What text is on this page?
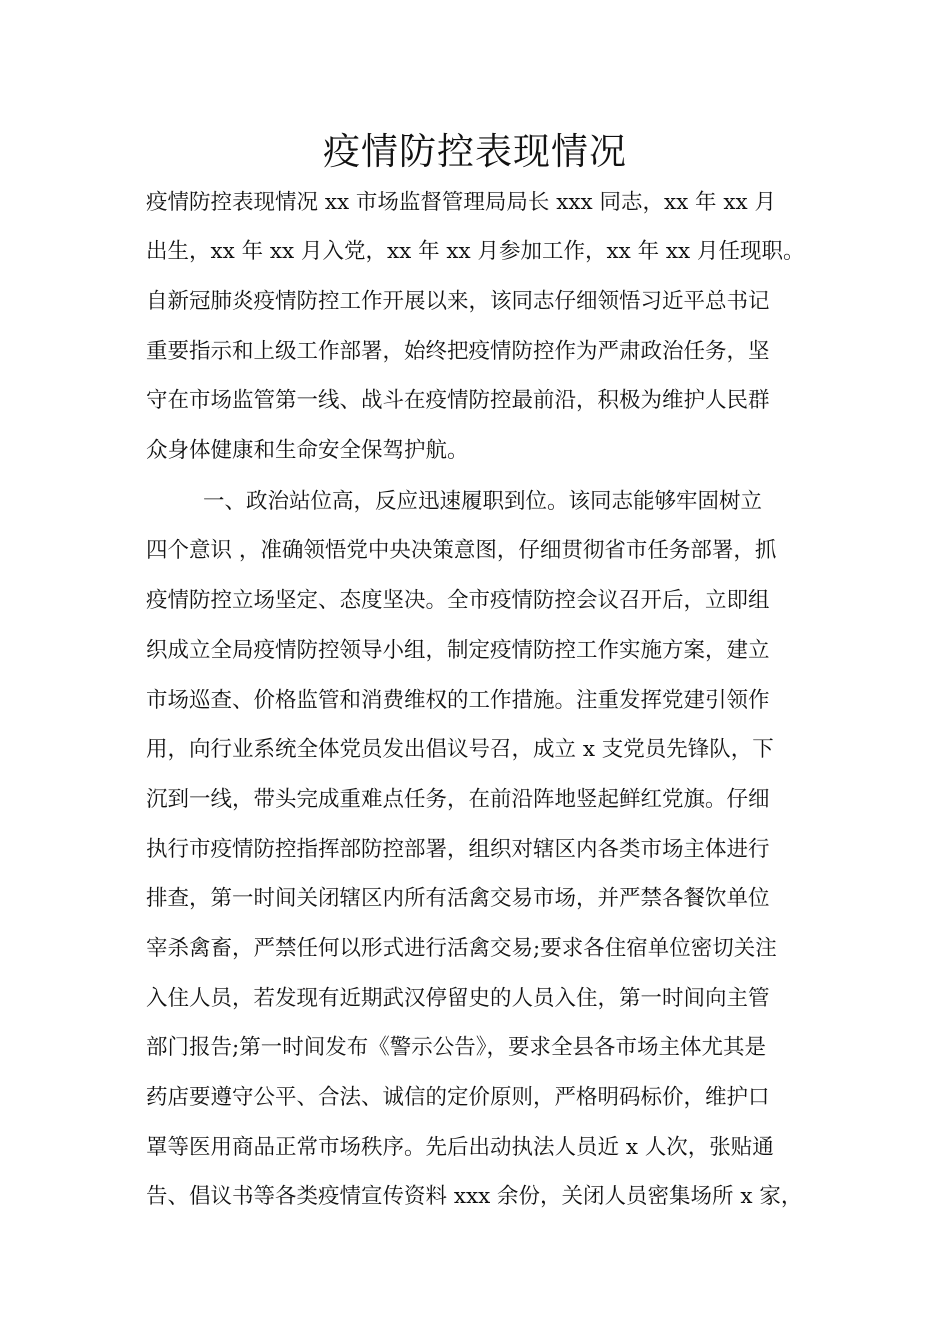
疫情防控表现情况

疫情防控表现情况 xx 市场监督管理局局长 xxx 同志，xx 年 xx 月

出生，xx 年 xx 月入党，xx 年 xx 月参加工作，xx 年 xx 月任现职。

自新冠肺炎疫情防控工作开展以来，该同志仔细领悟习近平总书记

重要指示和上级工作部署，始终把疫情防控作为严肃政治任务，坚

守在市场监管第一线、战斗在疫情防控最前沿，积极为维护人民群

众身体健康和生命安全保驾护航。

一、政治站位高，反应迅速履职到位。该同志能够牢固树立

四个意识 ，准确领悟党中央决策意图，仔细贯彻省市任务部署，抓

疫情防控立场坚定、态度坚决。全市疫情防控会议召开后，立即组

织成立全局疫情防控领导小组，制定疫情防控工作实施方案，建立

市场巡查、价格监管和消费维权的工作措施。注重发挥党建引领作

用，向行业系统全体党员发出倡议号召，成立 x 支党员先锋队，下

沉到一线，带头完成重难点任务，在前沿阵地竖起鲜红党旗。仔细

执行市疫情防控指挥部防控部署，组织对辖区内各类市场主体进行

排查，第一时间关闭辖区内所有活禽交易市场，并严禁各餐饮单位

宰杀禽畜，严禁任何以形式进行活禽交易;要求各住宿单位密切关注

入住人员，若发现有近期武汉停留史的人员入住，第一时间向主管

部门报告;第一时间发布《警示公告》，要求全县各市场主体尤其是

药店要遵守公平、合法、诚信的定价原则，严格明码标价，维护口

罩等医用商品正常市场秩序。先后出动执法人员近 x 人次，张贴通

告、倡议书等各类疫情宣传资料 xxx 余份，关闭人员密集场所 x 家，
